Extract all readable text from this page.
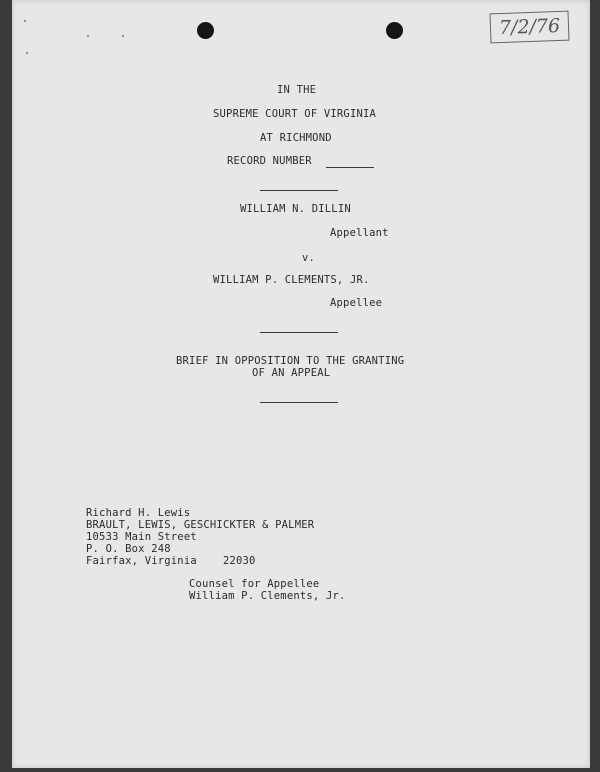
7/2/76
IN THE
SUPREME COURT OF VIRGINIA
AT RICHMOND
RECORD NUMBER
WILLIAM N. DILLIN
Appellant
v.
WILLIAM P. CLEMENTS, JR.
Appellee
BRIEF IN OPPOSITION TO THE GRANTING
OF AN APPEAL
Richard H. Lewis
BRAULT, LEWIS, GESCHICKTER & PALMER
10533 Main Street
P. O. Box 248
Fairfax, Virginia    22030
Counsel for Appellee
William P. Clements, Jr.
